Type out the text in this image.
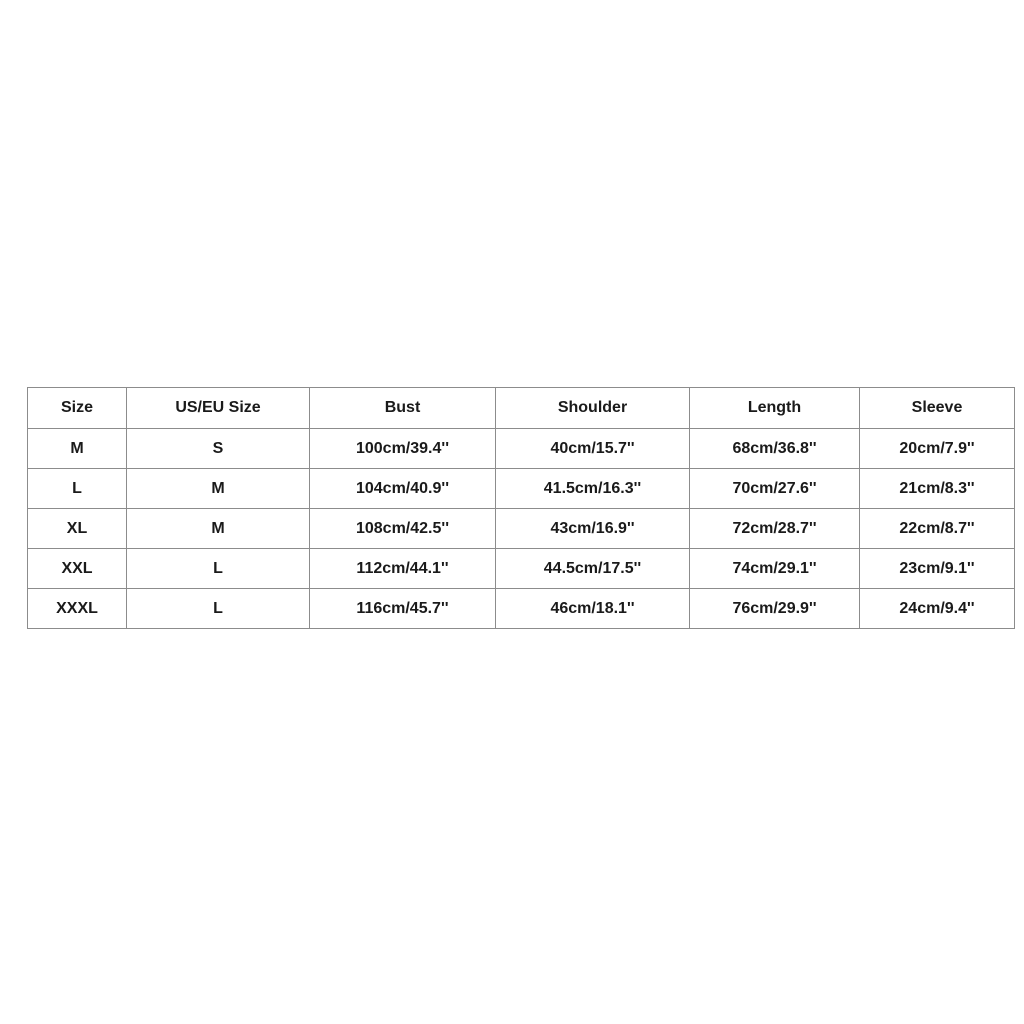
Size	US/EU Size	Bust	Shoulder	Length	Sleeve
M	S	100cm/39.4''	40cm/15.7''	68cm/36.8''	20cm/7.9''
L	M	104cm/40.9''	41.5cm/16.3''	70cm/27.6''	21cm/8.3''
XL	M	108cm/42.5''	43cm/16.9''	72cm/28.7''	22cm/8.7''
XXL	L	112cm/44.1''	44.5cm/17.5''	74cm/29.1''	23cm/9.1''
XXXL	L	116cm/45.7''	46cm/18.1''	76cm/29.9''	24cm/9.4''
